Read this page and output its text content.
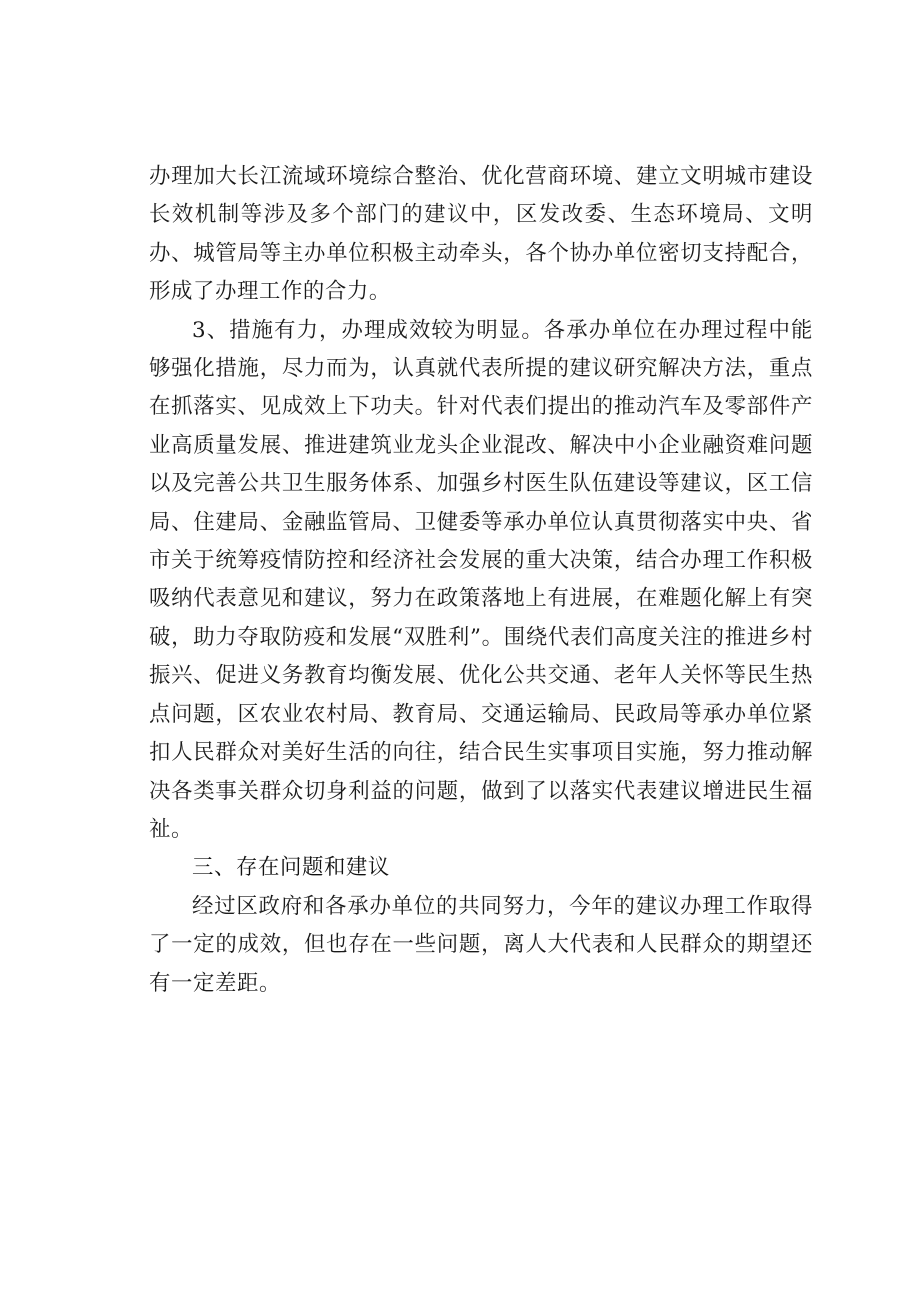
办理加大长江流域环境综合整治、优化营商环境、建立文明城市建设长效机制等涉及多个部门的建议中，区发改委、生态环境局、文明办、城管局等主办单位积极主动牵头，各个协办单位密切支持配合，形成了办理工作的合力。

3、措施有力，办理成效较为明显。各承办单位在办理过程中能够强化措施，尽力而为，认真就代表所提的建议研究解决方法，重点在抓落实、见成效上下功夫。针对代表们提出的推动汽车及零部件产业高质量发展、推进建筑业龙头企业混改、解决中小企业融资难问题以及完善公共卫生服务体系、加强乡村医生队伍建设等建议，区工信局、住建局、金融监管局、卫健委等承办单位认真贯彻落实中央、省市关于统筹疫情防控和经济社会发展的重大决策，结合办理工作积极吸纳代表意见和建议，努力在政策落地上有进展，在难题化解上有突破，助力夺取防疫和发展“双胜利”。围绕代表们高度关注的推进乡村振兴、促进义务教育均衡发展、优化公共交通、老年人关怀等民生热点问题，区农业农村局、教育局、交通运输局、民政局等承办单位紧扣人民群众对美好生活的向往，结合民生实事项目实施，努力推动解决各类事关群众切身利益的问题，做到了以落实代表建议增进民生福祉。

三、存在问题和建议

经过区政府和各承办单位的共同努力，今年的建议办理工作取得了一定的成效，但也存在一些问题，离人大代表和人民群众的期望还有一定差距。
